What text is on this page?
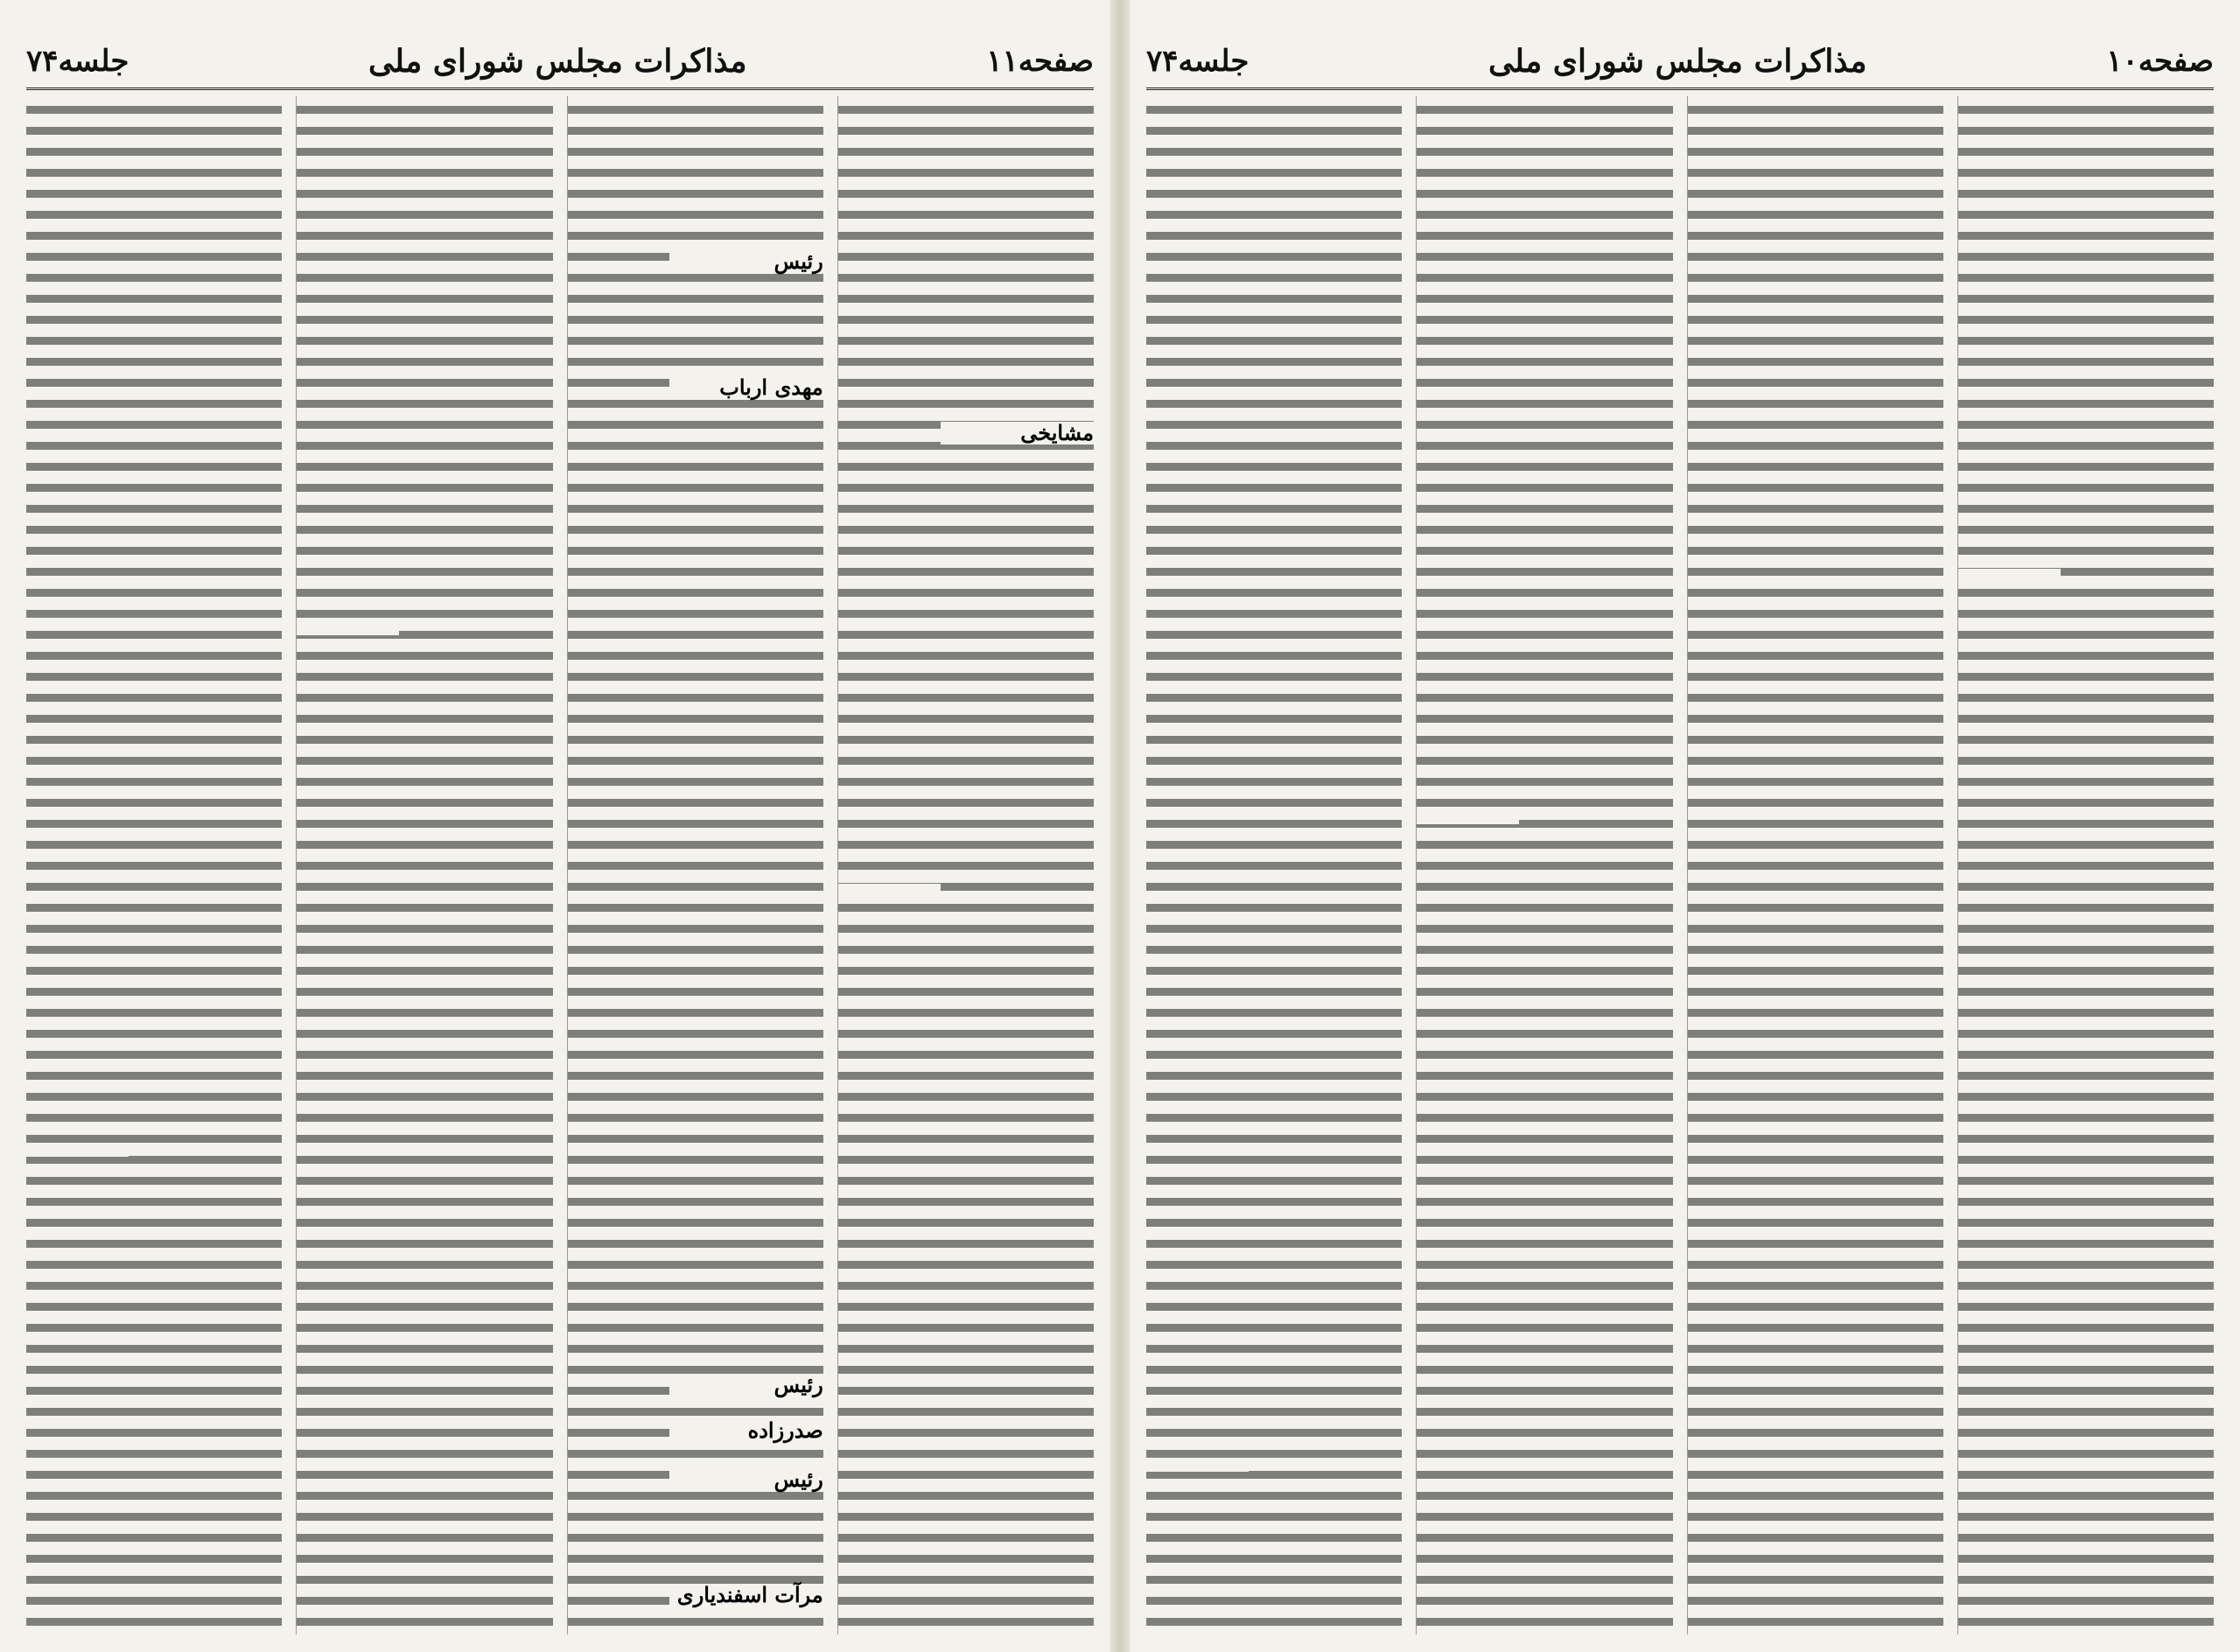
صفحه۱۱
مذاکرات مجلس شورای ملی
جلسه۷۴
مشایخی
رئیس
مهدی ارباب
رئیس
صدرزاده
رئیس
مرآت اسفندیاری
صفحه۱۰
مذاکرات مجلس شورای ملی
جلسه۷۴
